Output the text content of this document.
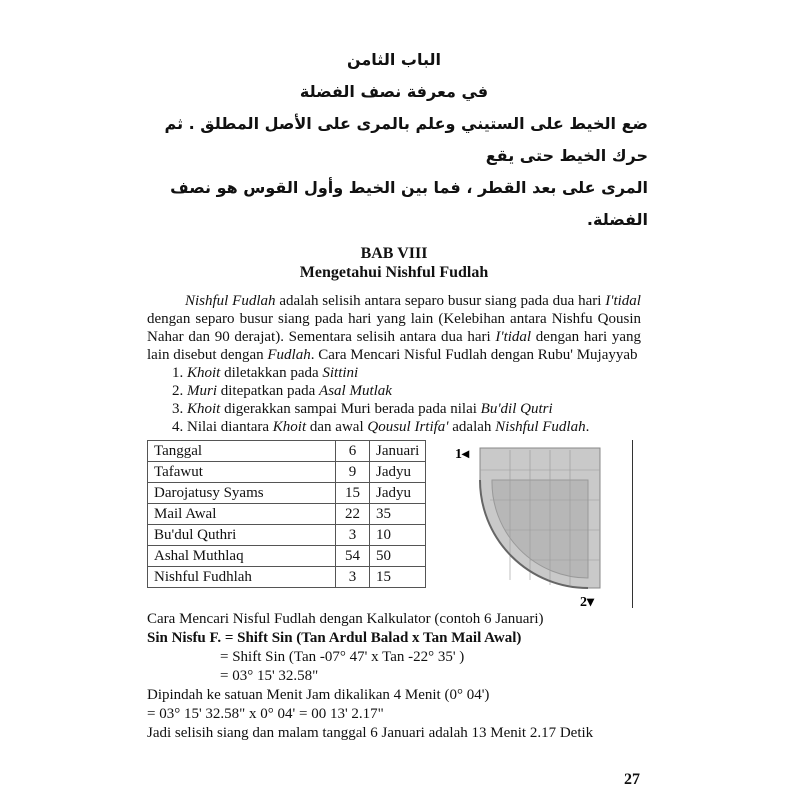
الباب الثامن
في معرفة نصف الفضلة
ضع الخيط على الستيني وعلم بالمرى على الأصل المطلق . ثم حرك الخيط حتى يقع
المرى على بعد القطر ، فما بين الخيط وأول القوس هو نصف الفضلة.
BAB VIII
Mengetahui Nishful Fudlah

Nishful Fudlah adalah selisih antara separo busur siang pada dua hari I'tidal dengan separo busur siang pada hari yang lain (Kelebihan antara Nishfu Qousin Nahar dan 90 derajat). Sementara selisih antara dua hari I'tidal dengan hari yang lain disebut dengan Fudlah. Cara Mencari Nisful Fudlah dengan Rubu' Mujayyab

1. Khoit diletakkan pada Sittini
2. Muri ditepatkan pada Asal Mutlak
3. Khoit digerakkan sampai Muri berada pada nilai Bu'dil Qutri
4. Nilai diantara Khoit dan awal Qousul Irtifa' adalah Nishful Fudlah.
Tanggal	6	Januari
Tafawut	9	Jadyu
Darojatusy Syams	15	Jadyu
Mail Awal	22	35
Bu'dul Quthri	3	10
Ashal Muthlaq	54	50
Nishful Fudhlah	3	15
1◂
2▾
Cara Mencari Nisful Fudlah dengan Kalkulator (contoh 6 Januari)
Sin Nisfu F. = Shift Sin (Tan Ardul Balad x Tan Mail Awal)
= Shift Sin (Tan -07° 47' x Tan -22° 35' )
= 03° 15' 32.58"
Dipindah ke satuan Menit Jam dikalikan 4 Menit (0° 04')
= 03° 15' 32.58" x 0° 04' = 00 13' 2.17"
Jadi selisih siang dan malam tanggal 6 Januari adalah 13 Menit 2.17 Detik
27
